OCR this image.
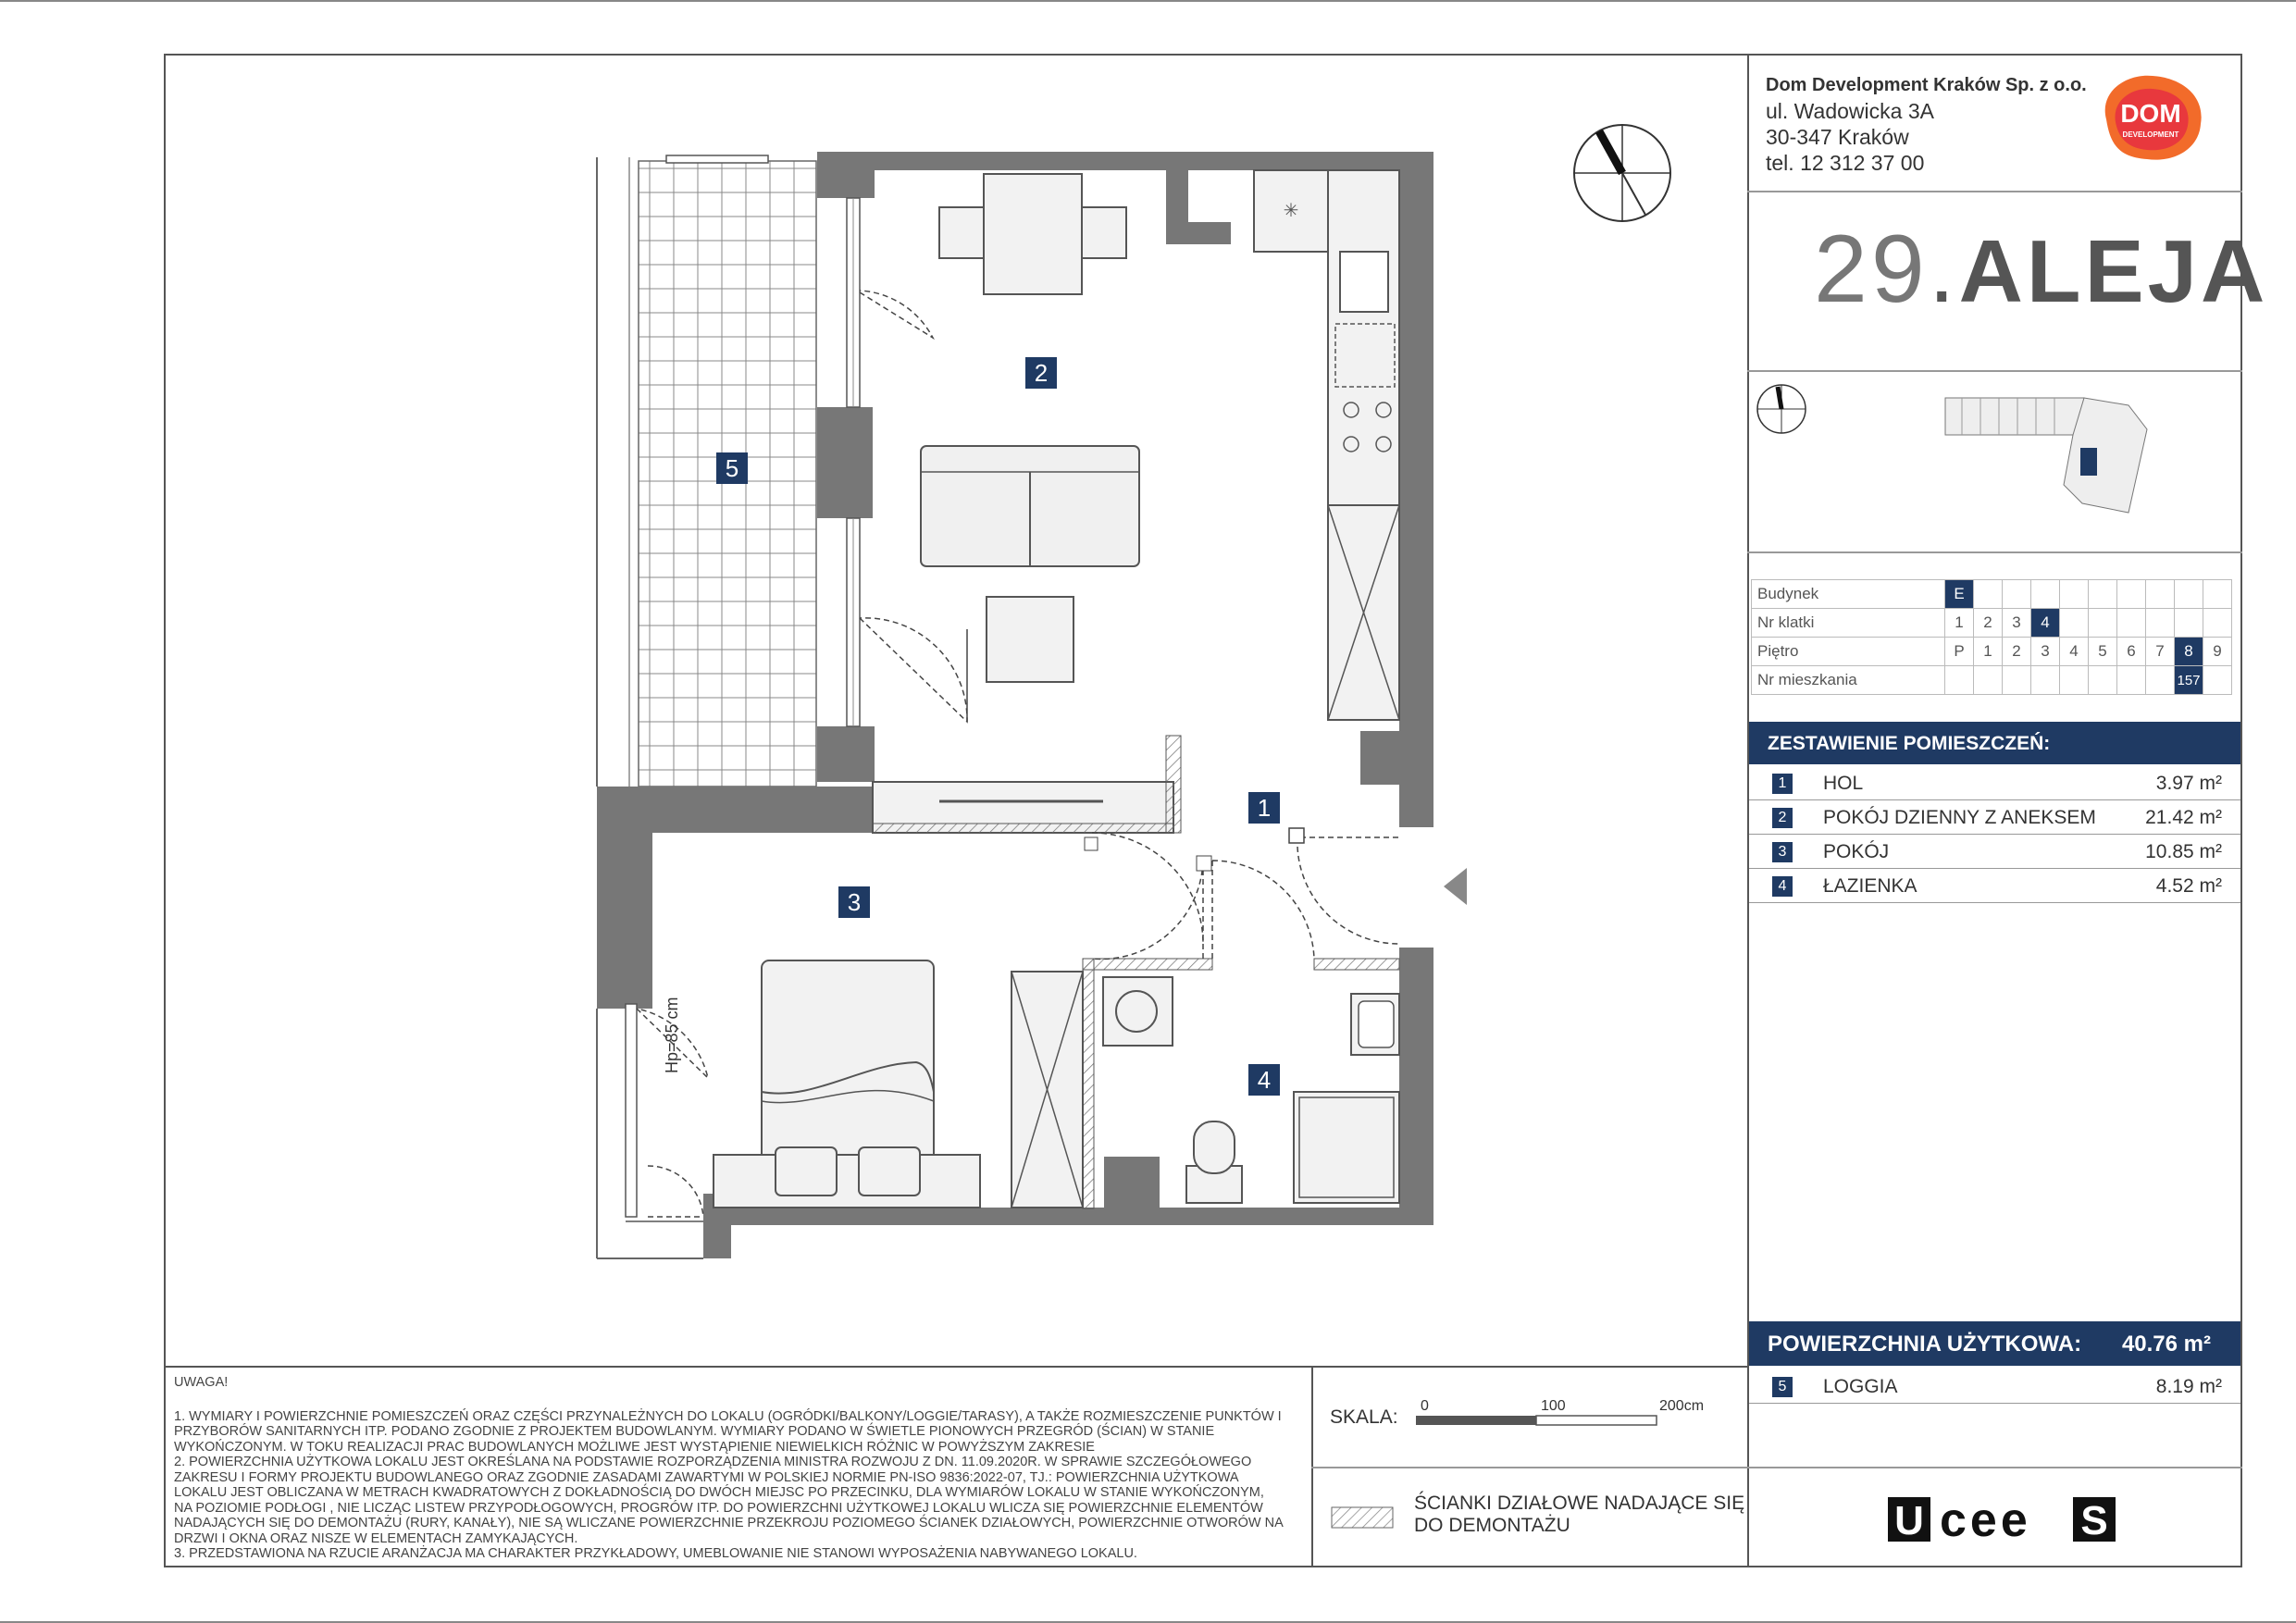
Dom Development Kraków Sp. z o.o.
ul. Wadowicka 3A
30-347 Kraków
tel. 12 312 37 00
DOM
DEVELOPMENT
29.ALEJA
Budynek	E									
Nr klatki	1	2	3	4						
Piętro	P	1	2	3	4	5	6	7	8	9
Nr mieszkania									157	
ZESTAWIENIE POMIESZCZEŃ:
1	HOL	3.97 m²
2	POKÓJ DZIENNY Z ANEKSEM	21.42 m²
3	POKÓJ	10.85 m²
4	ŁAZIENKA	4.52 m²
POWIERZCHNIA UŻYTKOWA: 40.76 m²
5	LOGGIA	8.19 m²
UWAGA!
1. WYMIARY I POWIERZCHNIE POMIESZCZEŃ ORAZ CZĘŚCI PRZYNALEŻNYCH DO LOKALU (OGRÓDKI/BALKONY/LOGGIE/TARASY), A TAKŻE ROZMIESZCZENIE PUNKTÓW I
PRZYBORÓW SANITARNYCH ITP. PODANO ZGODNIE Z PROJEKTEM BUDOWLANYM. WYMIARY PODANO W ŚWIETLE PIONOWYCH PRZEGRÓD (ŚCIAN) W STANIE
WYKOŃCZONYM. W TOKU REALIZACJI PRAC BUDOWLANYCH MOŻLIWE JEST WYSTĄPIENIE NIEWIELKICH RÓŻNIC W POWYŻSZYM ZAKRESIE
2. POWIERZCHNIA UŻYTKOWA LOKALU JEST OKREŚLANA NA PODSTAWIE ROZPORZĄDZENIA MINISTRA ROZWOJU Z DN. 11.09.2020R. W SPRAWIE SZCZEGÓŁOWEGO
ZAKRESU I FORMY PROJEKTU BUDOWLANEGO ORAZ ZGODNIE ZASADAMI ZAWARTYMI W POLSKIEJ NORMIE PN-ISO 9836:2022-07, TJ.: POWIERZCHNIA UŻYTKOWA
LOKALU JEST OBLICZANA W METRACH KWADRATOWYCH Z DOKŁADNOŚCIĄ DO DWÓCH MIEJSC PO PRZECINKU, DLA WYMIARÓW LOKALU W STANIE WYKOŃCZONYM,
NA POZIOMIE PODŁOGI , NIE LICZĄC LISTEW PRZYPODŁOGOWYCH, PROGRÓW ITP. DO POWIERZCHNI UŻYTKOWEJ LOKALU WLICZA SIĘ POWIERZCHNIE ELEMENTÓW
NADAJĄCYCH SIĘ DO DEMONTAŻU (RURY, KANAŁY), NIE SĄ WLICZANE POWIERZCHNIE PRZEKROJU POZIOMEGO ŚCIANEK DZIAŁOWYCH, POWIERZCHNIE OTWORÓW NA
DRZWI I OKNA ORAZ NISZE W ELEMENTACH ZAMYKAJĄCYCH.
3. PRZEDSTAWIONA NA RZUCIE ARANŻACJA MA CHARAKTER PRZYKŁADOWY, UMEBLOWANIE NIE STANOWI WYPOSAŻENIA NABYWANEGO LOKALU.
SKALA:
0	100	200cm
ŚCIANKI DZIAŁOWE NADAJĄCE SIĘ
DO DEMONTAŻU	U cee S
Uceees
✳
Hp=85 cm
1
2
3
4
5
